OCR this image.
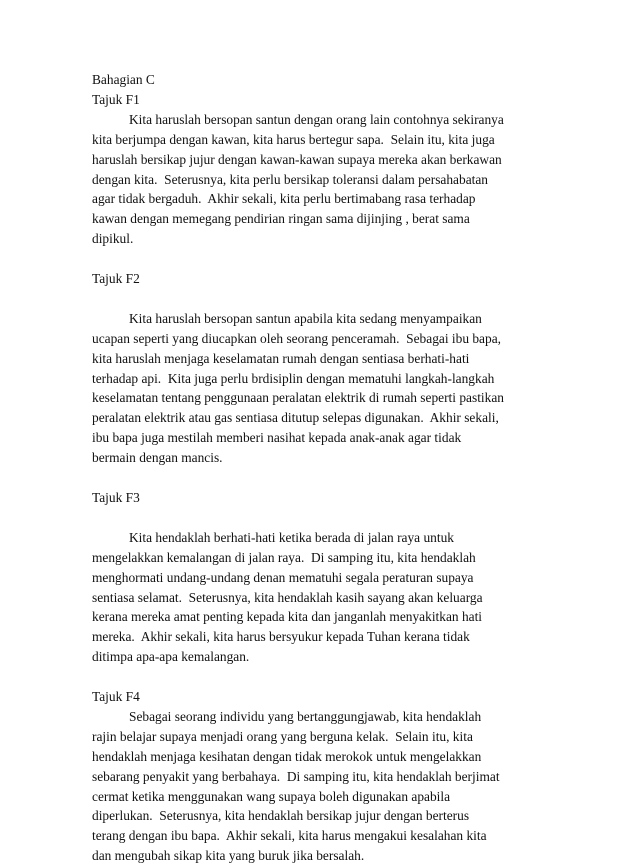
Bahagian C
Tajuk F1
Kita haruslah bersopan santun dengan orang lain contohnya sekiranya
kita berjumpa dengan kawan, kita harus bertegur sapa.  Selain itu, kita juga
haruslah bersikap jujur dengan kawan-kawan supaya mereka akan berkawan
dengan kita.  Seterusnya, kita perlu bersikap toleransi dalam persahabatan
agar tidak bergaduh.  Akhir sekali, kita perlu bertimabang rasa terhadap
kawan dengan memegang pendirian ringan sama dijinjing , berat sama
dipikul.
Tajuk F2
Kita haruslah bersopan santun apabila kita sedang menyampaikan
ucapan seperti yang diucapkan oleh seorang penceramah.  Sebagai ibu bapa,
kita haruslah menjaga keselamatan rumah dengan sentiasa berhati-hati
terhadap api.  Kita juga perlu brdisiplin dengan mematuhi langkah-langkah
keselamatan tentang penggunaan peralatan elektrik di rumah seperti pastikan
peralatan elektrik atau gas sentiasa ditutup selepas digunakan.  Akhir sekali,
ibu bapa juga mestilah memberi nasihat kepada anak-anak agar tidak
bermain dengan mancis.
Tajuk F3
Kita hendaklah berhati-hati ketika berada di jalan raya untuk
mengelakkan kemalangan di jalan raya.  Di samping itu, kita hendaklah
menghormati undang-undang denan mematuhi segala peraturan supaya
sentiasa selamat.  Seterusnya, kita hendaklah kasih sayang akan keluarga
kerana mereka amat penting kepada kita dan janganlah menyakitkan hati
mereka.  Akhir sekali, kita harus bersyukur kepada Tuhan kerana tidak
ditimpa apa-apa kemalangan.
Tajuk F4
Sebagai seorang individu yang bertanggungjawab, kita hendaklah
rajin belajar supaya menjadi orang yang berguna kelak.  Selain itu, kita
hendaklah menjaga kesihatan dengan tidak merokok untuk mengelakkan
sebarang penyakit yang berbahaya.  Di samping itu, kita hendaklah berjimat
cermat ketika menggunakan wang supaya boleh digunakan apabila
diperlukan.  Seterusnya, kita hendaklah bersikap jujur dengan berterus
terang dengan ibu bapa.  Akhir sekali, kita harus mengakui kesalahan kita
dan mengubah sikap kita yang buruk jika bersalah.
